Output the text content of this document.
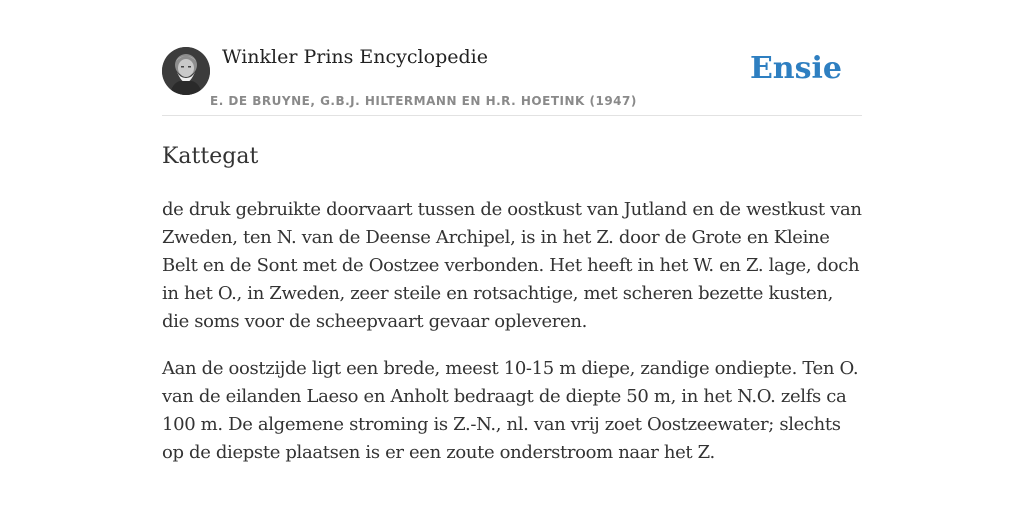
Winkler Prins Encyclopedie
E. DE BRUYNE, G.B.J. HILTERMANN EN H.R. HOETINK (1947)
Ensie
Kattegat

de druk gebruikte doorvaart tussen de oostkust van Jutland en de westkust van Zweden, ten N. van de Deense Archipel, is in het Z. door de Grote en Kleine Belt en de Sont met de Oostzee verbonden. Het heeft in het W. en Z. lage, doch in het O., in Zweden, zeer steile en rotsachtige, met scheren bezette kusten, die soms voor de scheepvaart gevaar opleveren.

Aan de oostzijde ligt een brede, meest 10-15 m diepe, zandige ondiepte. Ten O. van de eilanden Laeso en Anholt bedraagt de diepte 50 m, in het N.O. zelfs ca 100 m. De algemene stroming is Z.-N., nl. van vrij zoet Oostzeewater; slechts op de diepste plaatsen is er een zoute onderstroom naar het Z.
